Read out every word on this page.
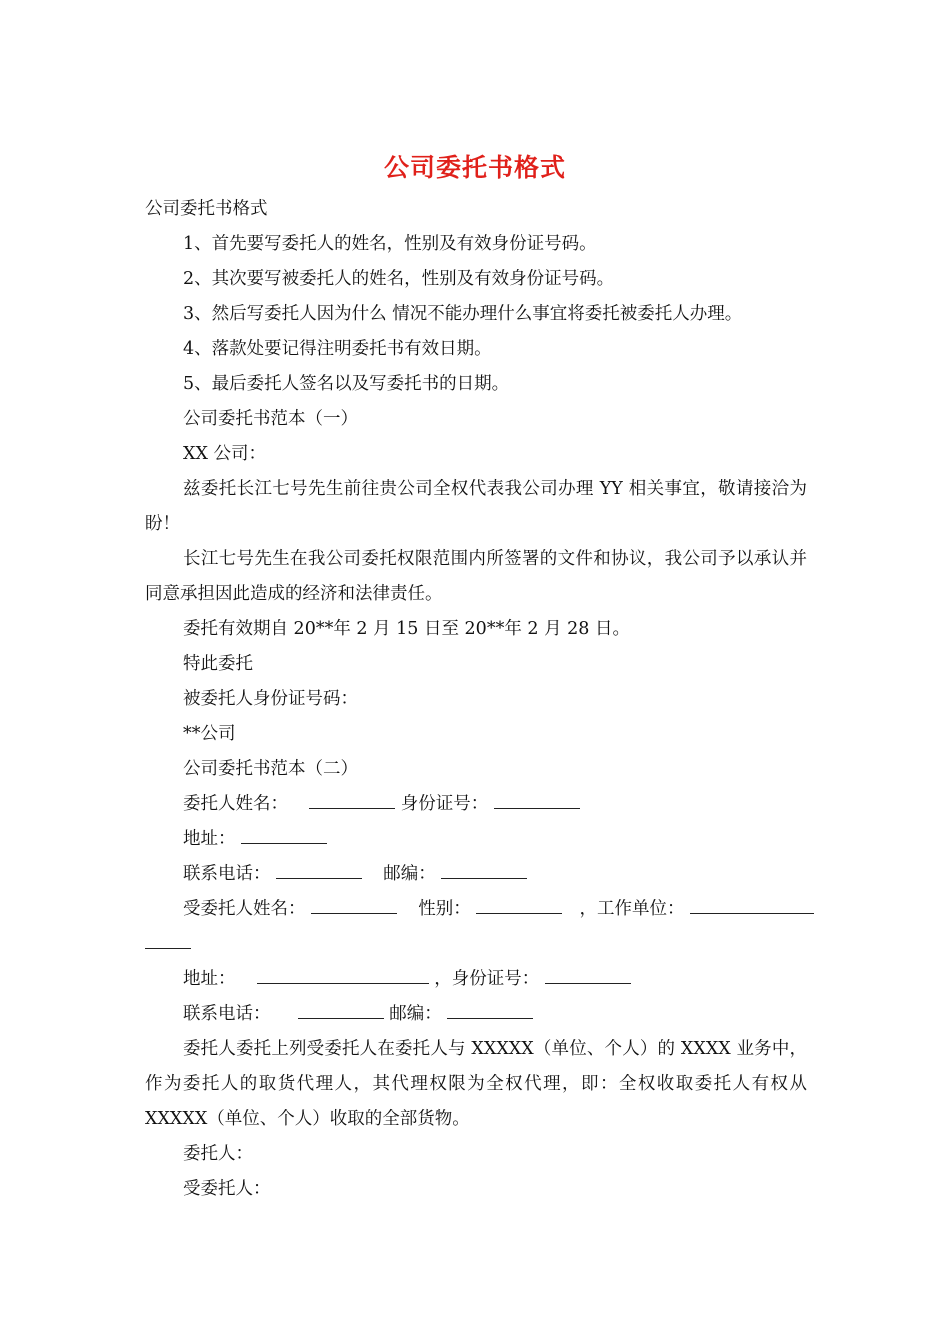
公司委托书格式
公司委托书格式
1、首先要写委托人的姓名，性别及有效身份证号码。
2、其次要写被委托人的姓名，性别及有效身份证号码。
3、然后写委托人因为什么 情况不能办理什么事宜将委托被委托人办理。
4、落款处要记得注明委托书有效日期。
5、最后委托人签名以及写委托书的日期。
公司委托书范本（一）
XX 公司：
兹委托长江七号先生前往贵公司全权代表我公司办理 YY 相关事宜，敬请接洽为盼！
长江七号先生在我公司委托权限范围内所签署的文件和协议，我公司予以承认并同意承担因此造成的经济和法律责任。
委托有效期自 20**年 2 月 15 日至 20**年 2 月 28 日。
特此委托
被委托人身份证号码：
**公司
公司委托书范本（二）
委托人姓名：	身份证号：
地址：
联系电话：	邮编：
受委托人姓名：	性别：	，工作单位：
地址：	，身份证号：
联系电话：	邮编：
委托人委托上列受委托人在委托人与 XXXXX（单位、个人）的 XXXX 业务中，作为委托人的取货代理人，其代理权限为全权代理，即：全权收取委托人有权从 XXXXX（单位、个人）收取的全部货物。
委托人：
受委托人：
